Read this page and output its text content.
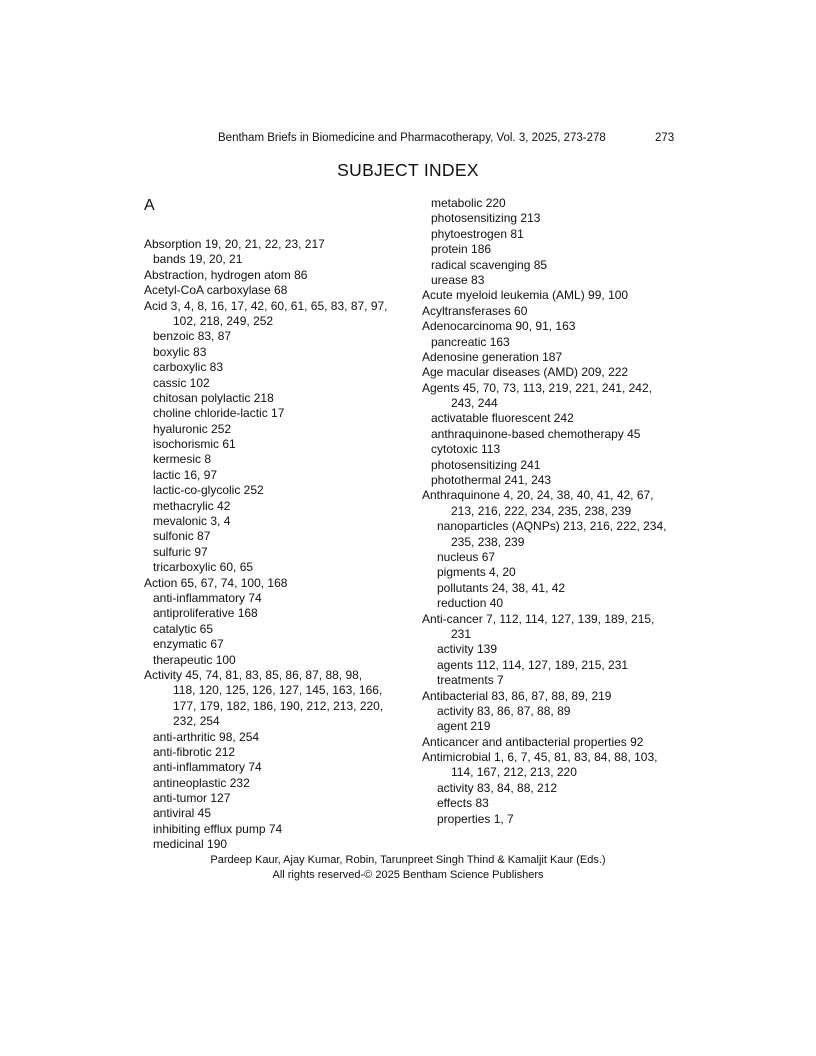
Bentham Briefs in Biomedicine and Pharmacotherapy, Vol. 3, 2025, 273-278	273
SUBJECT INDEX
A
Absorption 19, 20, 21, 22, 23, 217
bands 19, 20, 21
Abstraction, hydrogen atom 86
Acetyl-CoA carboxylase 68
Acid 3, 4, 8, 16, 17, 42, 60, 61, 65, 83, 87, 97,
102, 218, 249, 252
benzoic 83, 87
boxylic 83
carboxylic 83
cassic 102
chitosan polylactic 218
choline chloride-lactic 17
hyaluronic 252
isochorismic 61
kermesic 8
lactic 16, 97
lactic-co-glycolic 252
methacrylic 42
mevalonic 3, 4
sulfonic 87
sulfuric 97
tricarboxylic 60, 65
Action 65, 67, 74, 100, 168
anti-inflammatory 74
antiproliferative 168
catalytic 65
enzymatic 67
therapeutic 100
Activity 45, 74, 81, 83, 85, 86, 87, 88, 98,
118, 120, 125, 126, 127, 145, 163, 166,
177, 179, 182, 186, 190, 212, 213, 220,
232, 254
anti-arthritic 98, 254
anti-fibrotic 212
anti-inflammatory 74
antineoplastic 232
anti-tumor 127
antiviral 45
inhibiting efflux pump 74
medicinal 190
metabolic 220
photosensitizing 213
phytoestrogen 81
protein 186
radical scavenging 85
urease 83
Acute myeloid leukemia (AML) 99, 100
Acyltransferases 60
Adenocarcinoma 90, 91, 163
pancreatic 163
Adenosine generation 187
Age macular diseases (AMD) 209, 222
Agents 45, 70, 73, 113, 219, 221, 241, 242,
243, 244
activatable fluorescent 242
anthraquinone-based chemotherapy 45
cytotoxic 113
photosensitizing 241
photothermal 241, 243
Anthraquinone 4, 20, 24, 38, 40, 41, 42, 67,
213, 216, 222, 234, 235, 238, 239
nanoparticles (AQNPs) 213, 216, 222, 234,
235, 238, 239
nucleus 67
pigments 4, 20
pollutants 24, 38, 41, 42
reduction 40
Anti-cancer 7, 112, 114, 127, 139, 189, 215,
231
activity 139
agents 112, 114, 127, 189, 215, 231
treatments 7
Antibacterial 83, 86, 87, 88, 89, 219
activity 83, 86, 87, 88, 89
agent 219
Anticancer and antibacterial properties 92
Antimicrobial 1, 6, 7, 45, 81, 83, 84, 88, 103,
114, 167, 212, 213, 220
activity 83, 84, 88, 212
effects 83
properties 1, 7
Pardeep Kaur, Ajay Kumar, Robin, Tarunpreet Singh Thind & Kamaljit Kaur (Eds.)
All rights reserved-© 2025 Bentham Science Publishers
